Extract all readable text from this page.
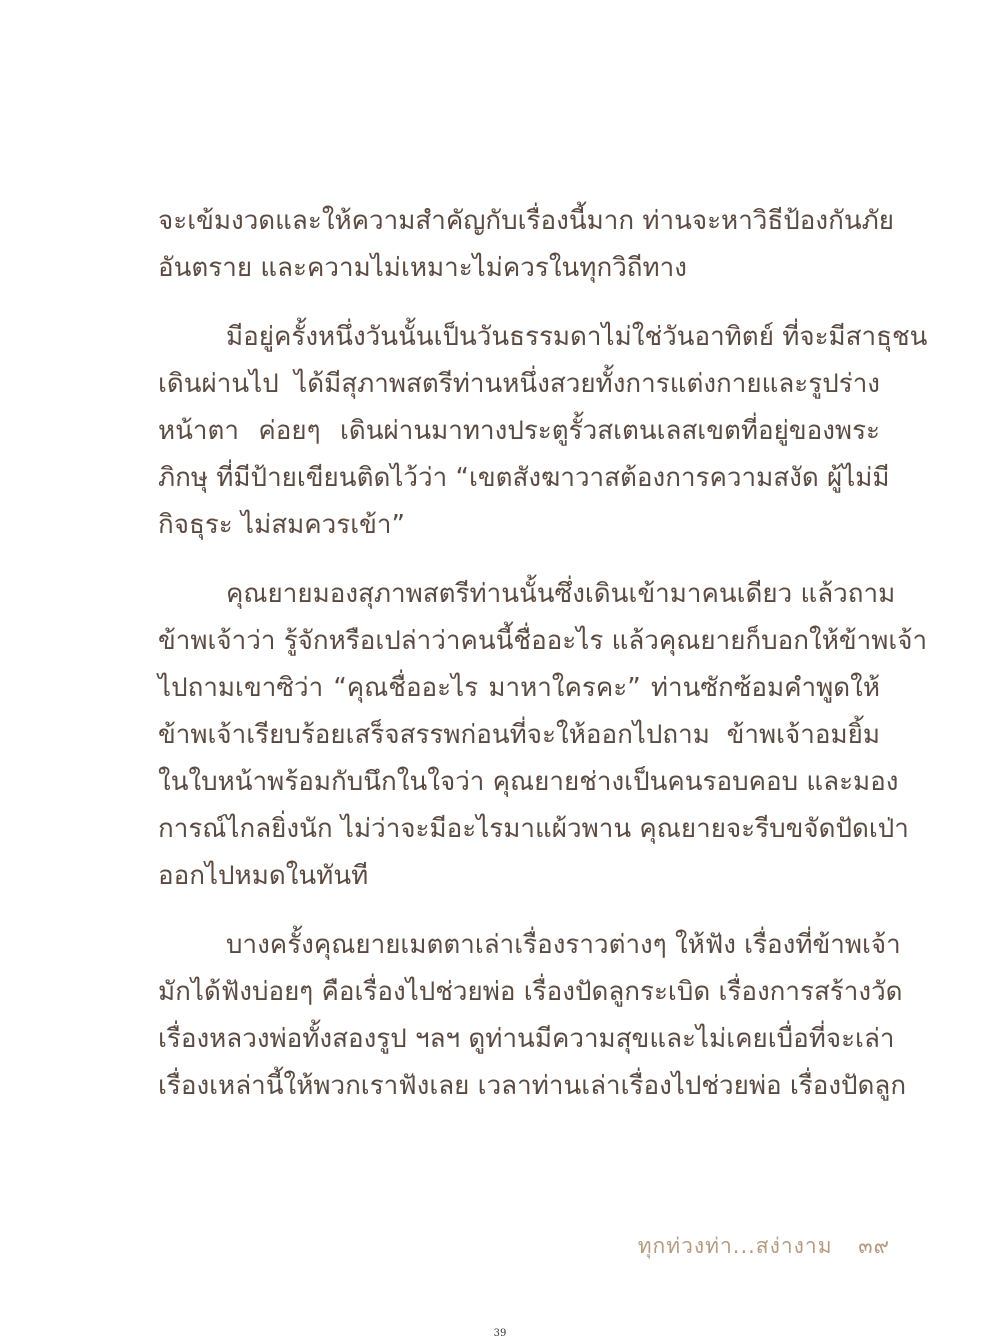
จะเข้มงวดและให้ความสำคัญกับเรื่องนี้มาก ท่านจะหาวิธีป้องกันภัย
อันตราย และความไม่เหมาะไม่ควรในทุกวิถีทาง
มีอยู่ครั้งหนึ่งวันนั้นเป็นวันธรรมดาไม่ใช่วันอาทิตย์ ที่จะมีสาธุชน
เดินผ่านไป ได้มีสุภาพสตรีท่านหนึ่งสวยทั้งการแต่งกายและรูปร่าง
หน้าตา ค่อยๆ เดินผ่านมาทางประตูรั้วสเตนเลสเขตที่อยู่ของพระ
ภิกษุ ที่มีป้ายเขียนติดไว้ว่า “เขตสังฆาวาสต้องการความสงัด ผู้ไม่มี
กิจธุระ ไม่สมควรเข้า”
คุณยายมองสุภาพสตรีท่านนั้นซึ่งเดินเข้ามาคนเดียว แล้วถาม
ข้าพเจ้าว่า รู้จักหรือเปล่าว่าคนนี้ชื่ออะไร แล้วคุณยายก็บอกให้ข้าพเจ้า
ไปถามเขาซิว่า “คุณชื่ออะไร มาหาใครคะ” ท่านซักซ้อมคำพูดให้
ข้าพเจ้าเรียบร้อยเสร็จสรรพก่อนที่จะให้ออกไปถาม ข้าพเจ้าอมยิ้ม
ในใบหน้าพร้อมกับนึกในใจว่า คุณยายช่างเป็นคนรอบคอบ และมอง
การณ์ไกลยิ่งนัก ไม่ว่าจะมีอะไรมาแผ้วพาน คุณยายจะรีบขจัดปัดเป่า
ออกไปหมดในทันที
บางครั้งคุณยายเมตตาเล่าเรื่องราวต่างๆ ให้ฟัง เรื่องที่ข้าพเจ้า
มักได้ฟังบ่อยๆ คือเรื่องไปช่วยพ่อ เรื่องปัดลูกระเบิด เรื่องการสร้างวัด
เรื่องหลวงพ่อทั้งสองรูป ฯลฯ ดูท่านมีความสุขและไม่เคยเบื่อที่จะเล่า
เรื่องเหล่านี้ให้พวกเราฟังเลย เวลาท่านเล่าเรื่องไปช่วยพ่อ เรื่องปัดลูก
ทุกท่วงท่า...สง่างาม ๓๙
39
